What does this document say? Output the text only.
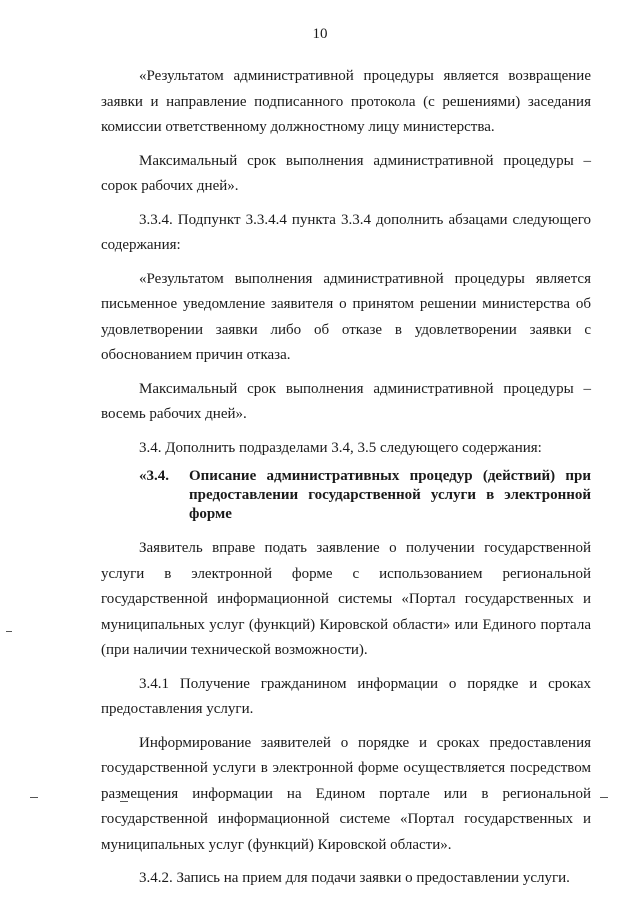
10

«Результатом административной процедуры является возвращение заявки и направление подписанного протокола (с решениями) заседания комиссии ответственному должностному лицу министерства.

Максимальный срок выполнения административной процедуры – сорок рабочих дней».

3.3.4. Подпункт 3.3.4.4 пункта 3.3.4 дополнить абзацами следующего содержания:

«Результатом выполнения административной процедуры является письменное уведомление заявителя о принятом решении министерства об удовлетворении заявки либо об отказе в удовлетворении заявки с обоснованием причин отказа.

Максимальный срок выполнения административной процедуры – восемь рабочих дней».

3.4. Дополнить подразделами 3.4, 3.5 следующего содержания:

«3.4.	Описание административных процедур (действий) при предоставлении государственной услуги в электронной форме

Заявитель вправе подать заявление о получении государственной услуги в электронной форме с использованием региональной государственной информационной системы «Портал государственных и муниципальных услуг (функций) Кировской области» или Единого портала (при наличии технической возможности).

3.4.1 Получение гражданином информации о порядке и сроках предоставления услуги.

Информирование заявителей о порядке и сроках предоставления государственной услуги в электронной форме осуществляется посредством размещения информации на Едином портале или в региональной государственной информационной системе «Портал государственных и муниципальных услуг (функций) Кировской области».

3.4.2. Запись на прием для подачи заявки о предоставлении услуги.
